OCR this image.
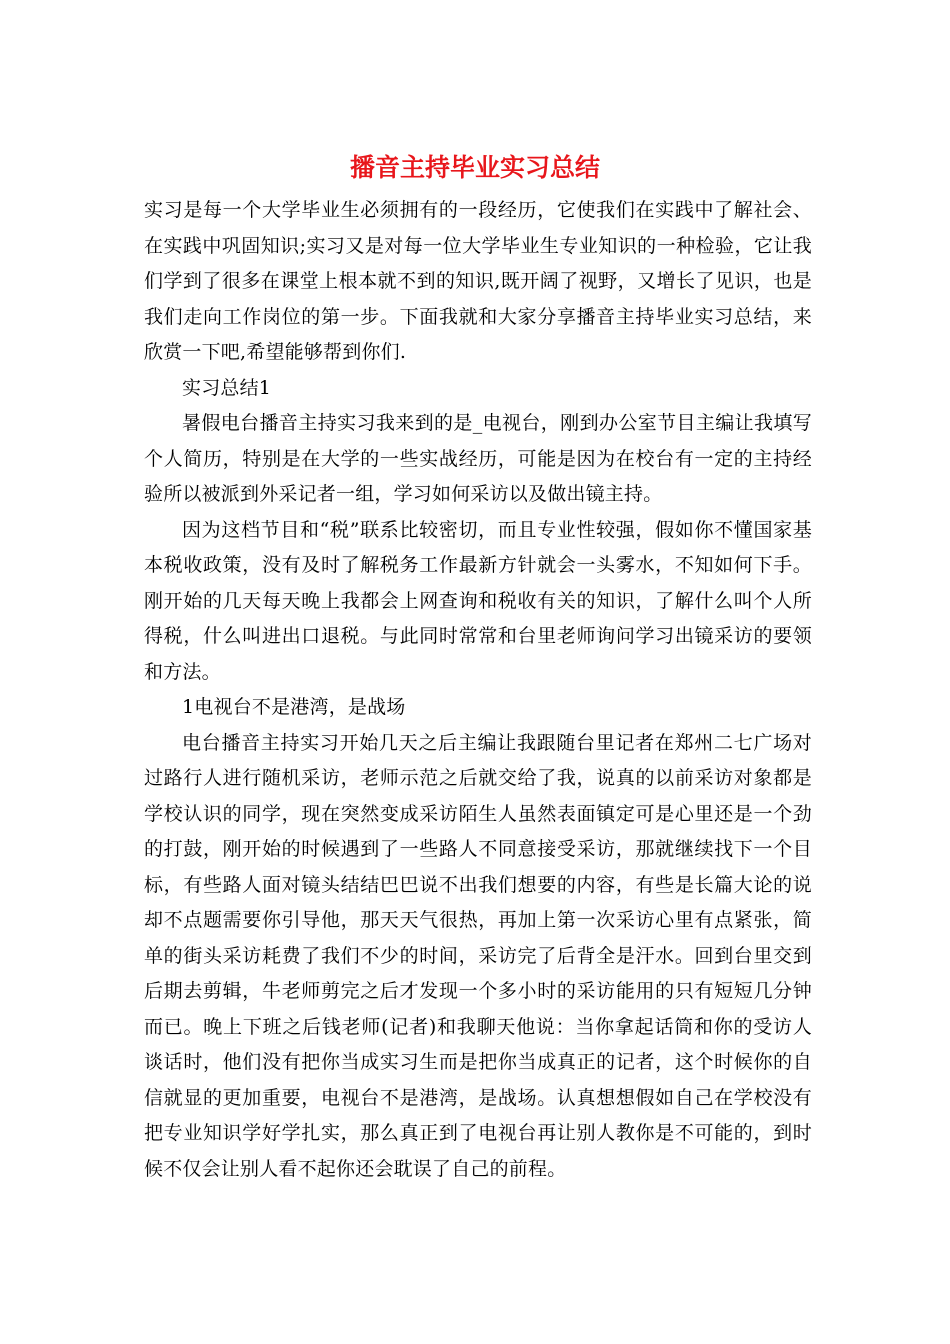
播音主持毕业实习总结

实习是每一个大学毕业生必须拥有的一段经历，它使我们在实践中了解社会、在实践中巩固知识;实习又是对每一位大学毕业生专业知识的一种检验，它让我们学到了很多在课堂上根本就不到的知识,既开阔了视野，又增长了见识，也是我们走向工作岗位的第一步。下面我就和大家分享播音主持毕业实习总结，来欣赏一下吧,希望能够帮到你们.

实习总结1

暑假电台播音主持实习我来到的是_电视台，刚到办公室节目主编让我填写个人简历，特别是在大学的一些实战经历，可能是因为在校台有一定的主持经验所以被派到外采记者一组，学习如何采访以及做出镜主持。

因为这档节目和“税”联系比较密切，而且专业性较强，假如你不懂国家基本税收政策，没有及时了解税务工作最新方针就会一头雾水，不知如何下手。刚开始的几天每天晚上我都会上网查询和税收有关的知识，了解什么叫个人所得税，什么叫进出口退税。与此同时常常和台里老师询问学习出镜采访的要领和方法。

1电视台不是港湾，是战场

电台播音主持实习开始几天之后主编让我跟随台里记者在郑州二七广场对过路行人进行随机采访，老师示范之后就交给了我，说真的以前采访对象都是学校认识的同学，现在突然变成采访陌生人虽然表面镇定可是心里还是一个劲的打鼓，刚开始的时候遇到了一些路人不同意接受采访，那就继续找下一个目标，有些路人面对镜头结结巴巴说不出我们想要的内容，有些是长篇大论的说却不点题需要你引导他，那天天气很热，再加上第一次采访心里有点紧张，简单的街头采访耗费了我们不少的时间，采访完了后背全是汗水。回到台里交到后期去剪辑，牛老师剪完之后才发现一个多小时的采访能用的只有短短几分钟而已。晚上下班之后钱老师(记者)和我聊天他说：当你拿起话筒和你的受访人谈话时，他们没有把你当成实习生而是把你当成真正的记者，这个时候你的自信就显的更加重要，电视台不是港湾，是战场。认真想想假如自己在学校没有把专业知识学好学扎实，那么真正到了电视台再让别人教你是不可能的，到时候不仅会让别人看不起你还会耽误了自己的前程。
